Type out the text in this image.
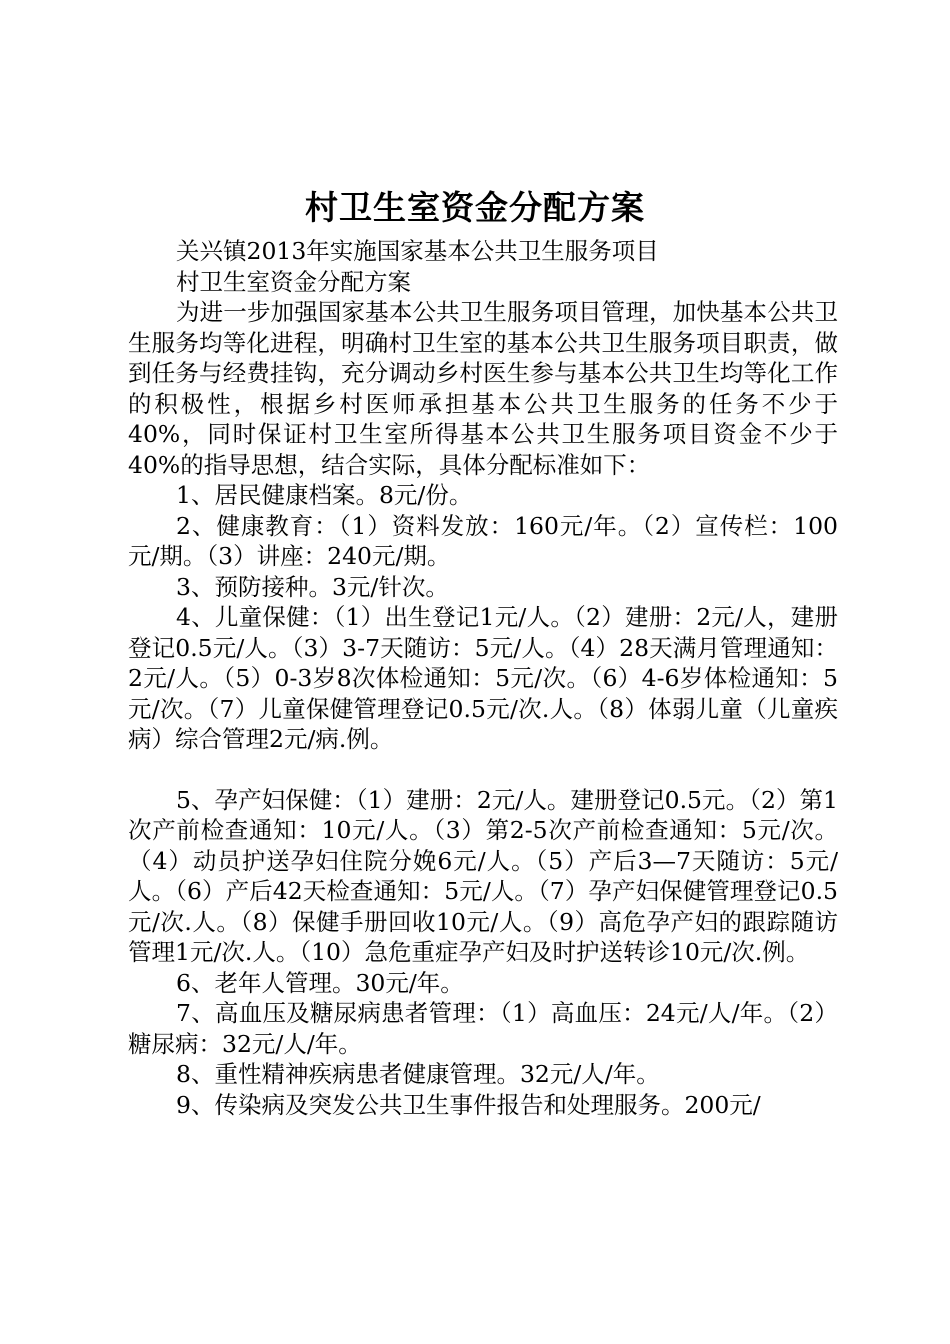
村卫生室资金分配方案

关兴镇2013年实施国家基本公共卫生服务项目

村卫生室资金分配方案

为进一步加强国家基本公共卫生服务项目管理，加快基本公共卫生服务均等化进程，明确村卫生室的基本公共卫生服务项目职责，做到任务与经费挂钩，充分调动乡村医生参与基本公共卫生均等化工作的积极性，根据乡村医师承担基本公共卫生服务的任务不少于40%，同时保证村卫生室所得基本公共卫生服务项目资金不少于40%的指导思想，结合实际，具体分配标准如下：

1、居民健康档案。8元/份。

2、健康教育：（1）资料发放：160元/年。（2）宣传栏：100元/期。（3）讲座：240元/期。

3、预防接种。3元/针次。

4、儿童保健：（1）出生登记1元/人。（2）建册：2元/人，建册登记0.5元/人。（3）3-7天随访：5元/人。（4）28天满月管理通知：2元/人。（5）0-3岁8次体检通知：5元/次。（6）4-6岁体检通知：5元/次。（7）儿童保健管理登记0.5元/次.人。（8）体弱儿童（儿童疾病）综合管理2元/病.例。

5、孕产妇保健：（1）建册：2元/人。建册登记0.5元。（2）第1次产前检查通知：10元/人。（3）第2-5次产前检查通知：5元/次。（4）动员护送孕妇住院分娩6元/人。（5）产后3—7天随访：5元/人。（6）产后42天检查通知：5元/人。（7）孕产妇保健管理登记0.5元/次.人。（8）保健手册回收10元/人。（9）高危孕产妇的跟踪随访管理1元/次.人。（10）急危重症孕产妇及时护送转诊10元/次.例。

6、老年人管理。30元/年。

7、高血压及糖尿病患者管理：（1）高血压：24元/人/年。（2）糖尿病：32元/人/年。

8、重性精神疾病患者健康管理。32元/人/年。

9、传染病及突发公共卫生事件报告和处理服务。200元/
